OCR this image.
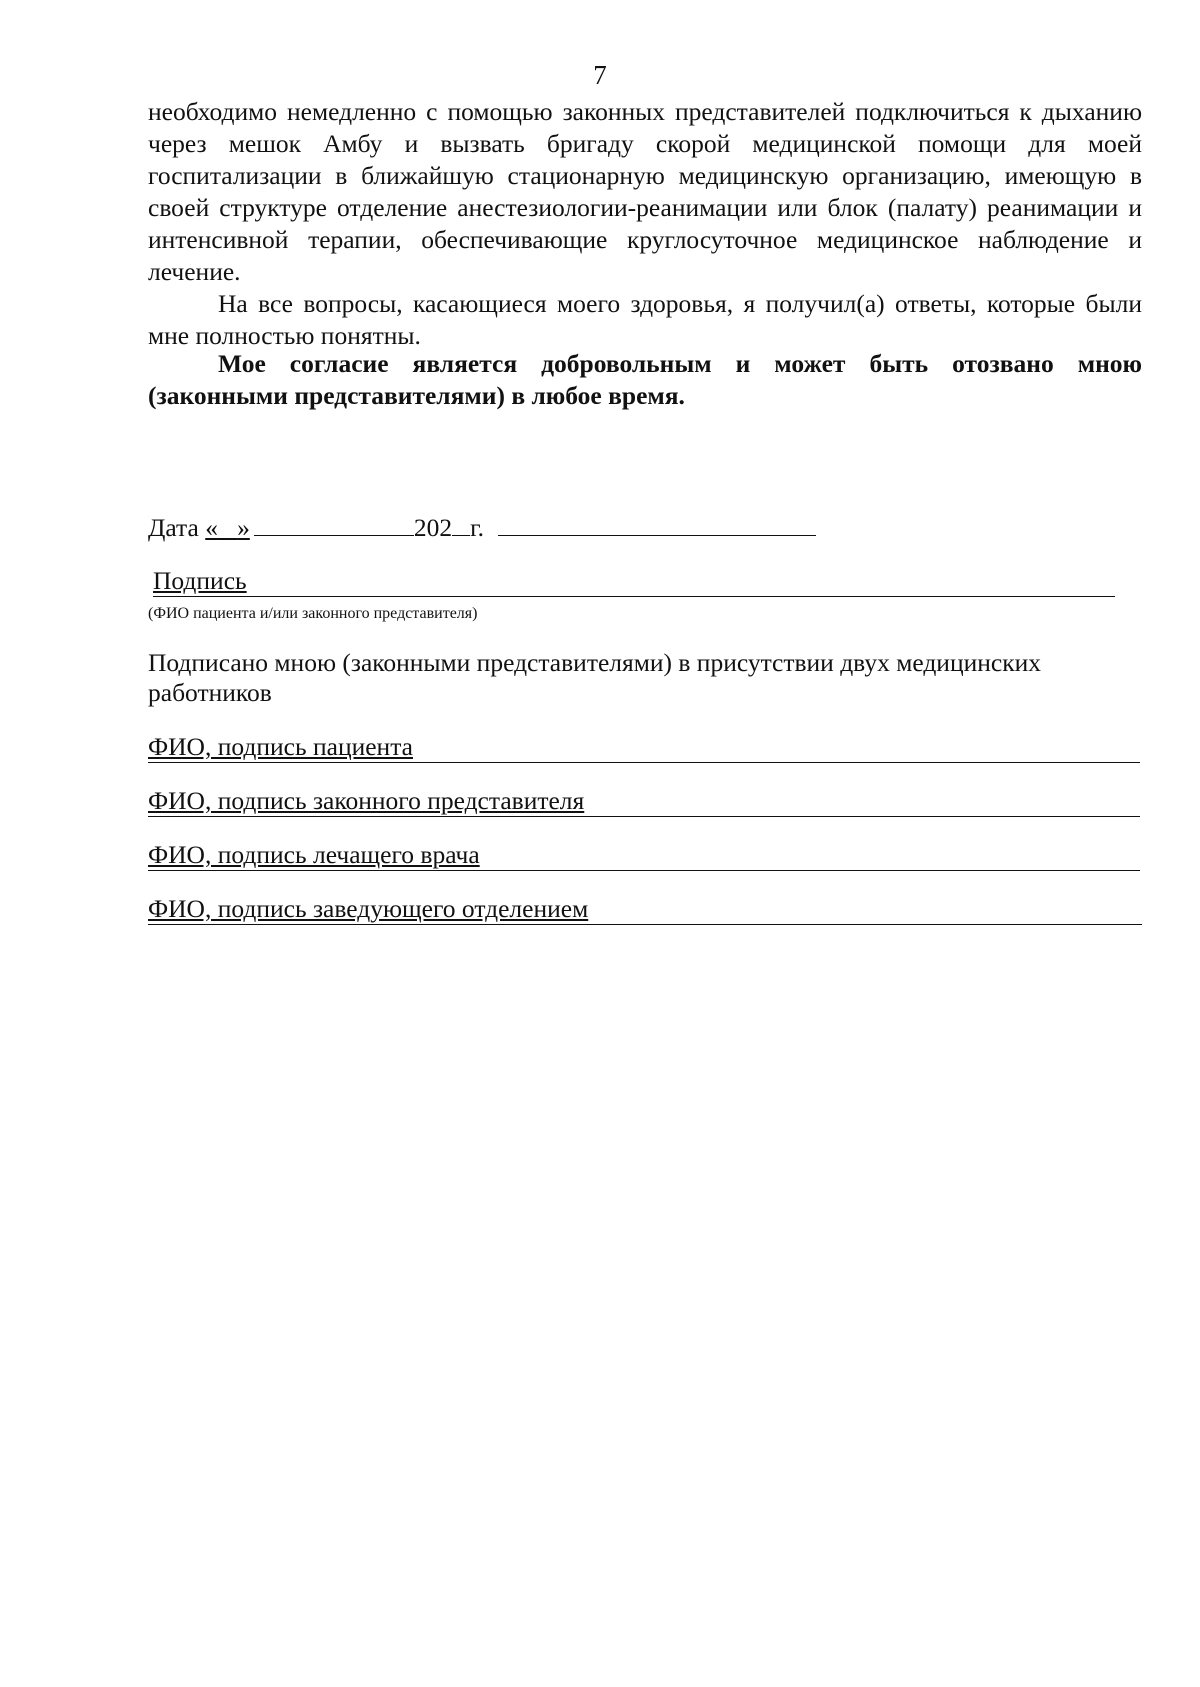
7
необходимо немедленно с помощью законных представителей подключиться к дыханию через мешок Амбу и вызвать бригаду скорой медицинской помощи для моей госпитализации в ближайшую стационарную медицинскую организацию, имеющую в своей структуре отделение анестезиологии-реанимации или блок (палату) реанимации и интенсивной терапии, обеспечивающие круглосуточное медицинское наблюдение и лечение.
На все вопросы, касающиеся моего здоровья, я получил(а) ответы, которые были мне полностью понятны.
Мое согласие является добровольным и может быть отозвано мною (законными представителями) в любое время.
Дата « »	202 г.
Подпись
(ФИО пациента и/или законного представителя)
Подписано мною (законными представителями) в присутствии двух медицинских работников
ФИО, подпись пациента
ФИО, подпись законного представителя
ФИО, подпись лечащего врача
ФИО, подпись заведующего отделением
